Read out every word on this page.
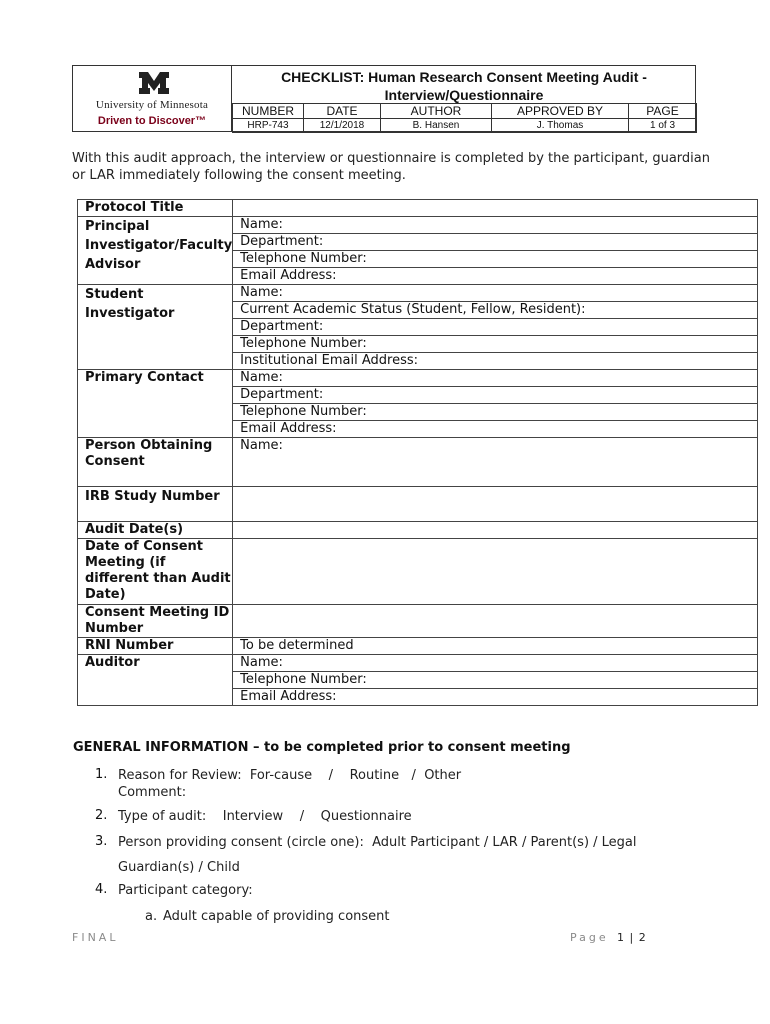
University of Minnesota
Driven to Discover™
CHECKLIST: Human Research Consent Meeting Audit -
Interview/Questionnaire
NUMBER	DATE	AUTHOR	APPROVED BY	PAGE
HRP-743	12/1/2018	B. Hansen	J. Thomas	1 of 3
With this audit approach, the interview or questionnaire is completed by the participant, guardian or LAR immediately following the consent meeting.
Protocol Title	
Principal Investigator/Faculty Advisor	Name:
	Department:
	Telephone Number:
	Email Address:
Student Investigator	Name:
	Current Academic Status (Student, Fellow, Resident):
	Department:
	Telephone Number:
	Institutional Email Address:
Primary Contact	Name:
	Department:
	Telephone Number:
	Email Address:
Person Obtaining Consent	Name:
IRB Study Number	
Audit Date(s)	
Date of Consent Meeting (if different than Audit Date)	
Consent Meeting ID Number	
RNI Number	To be determined
Auditor	Name:
	Telephone Number:
	Email Address:
GENERAL INFORMATION – to be completed prior to consent meeting
1. Reason for Review:  For-cause    /    Routine   /  Other
Comment:
2. Type of audit:    Interview    /    Questionnaire
3. Person providing consent (circle one):  Adult Participant / LAR / Parent(s) / Legal
Guardian(s) / Child
4. Participant category:
a. Adult capable of providing consent
FINAL	Page 1 | 2
